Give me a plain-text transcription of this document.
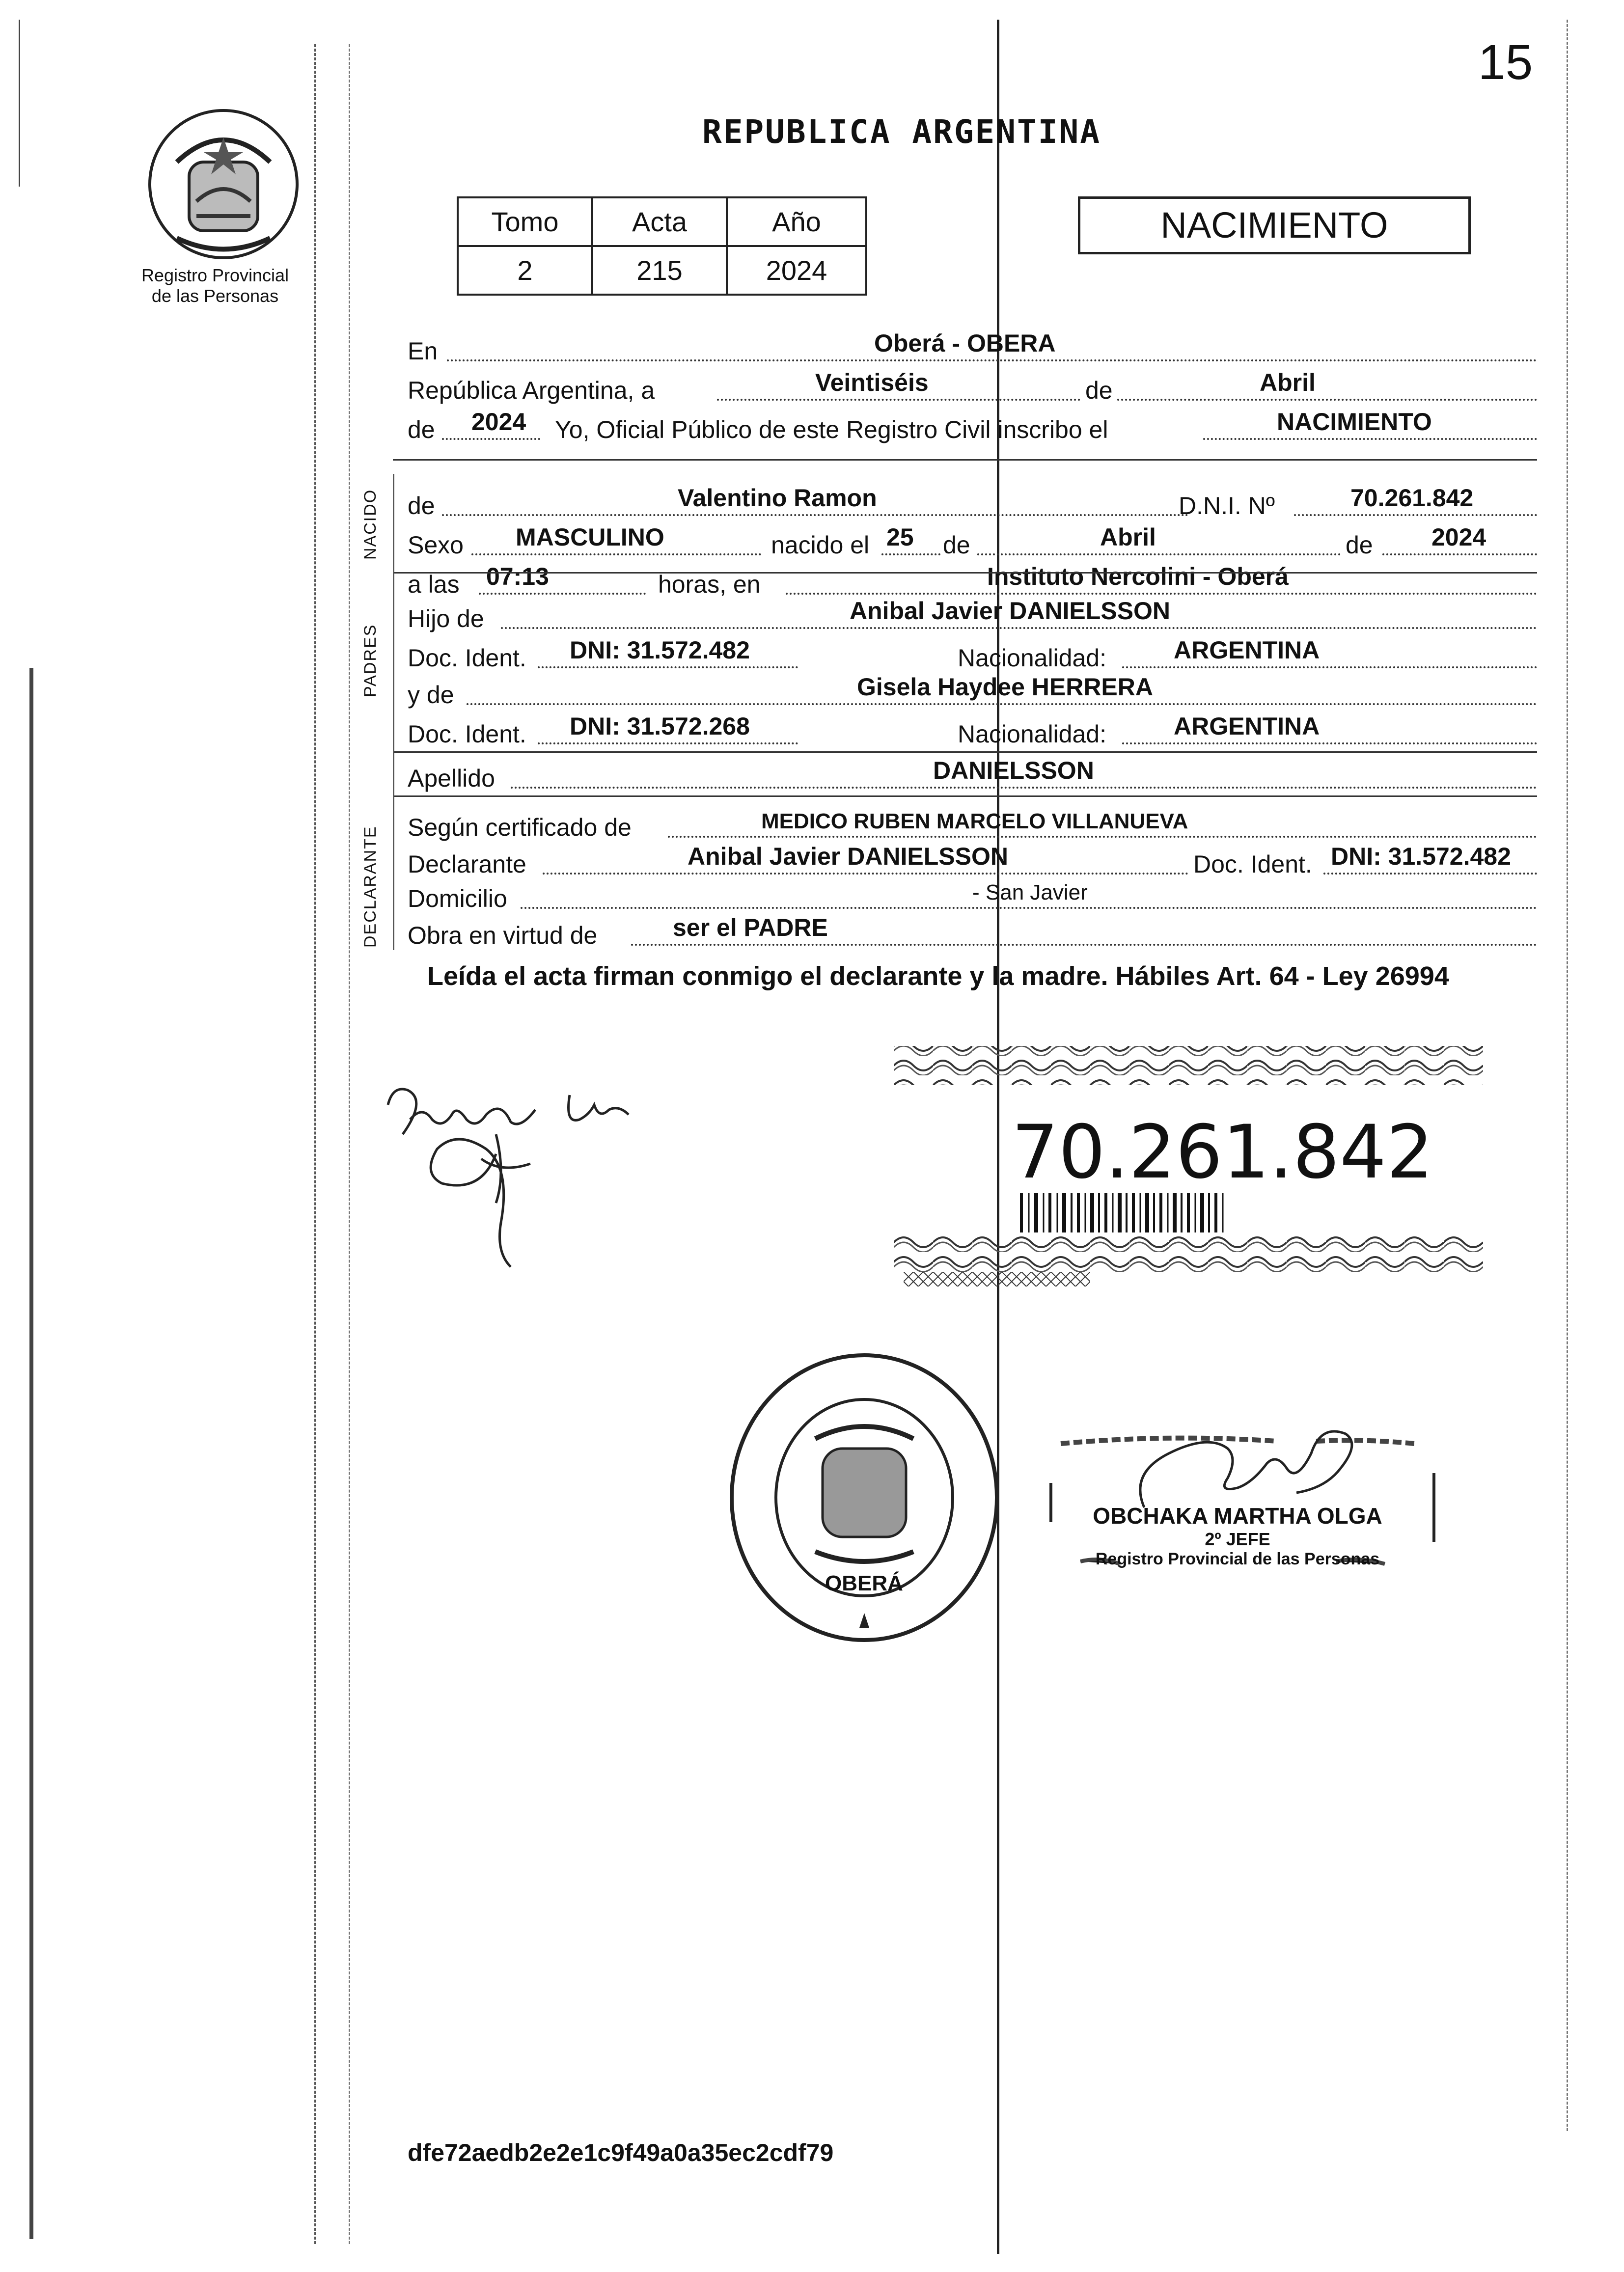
15
Registro Provincial
de las Personas
REPUBLICA ARGENTINA
Tomo	Acta	Año
2	215	2024
NACIMIENTO
En	Oberá - OBERA
República Argentina, a	Veintiséis	de	Abril
de 2024 Yo, Oficial Público de este Registro Civil inscribo el	NACIMIENTO
de	Valentino Ramon	D.N.I. Nº	70.261.842
Sexo MASCULINO	nacido el 25 de	Abril	de 2024
a las 07:13	horas, en	Instituto Nercolini - Oberá
Hijo de	Anibal Javier DANIELSSON
Doc. Ident. DNI: 31.572.482	Nacionalidad:	ARGENTINA
y de	Gisela Haydee HERRERA
Doc. Ident. DNI: 31.572.268	Nacionalidad:	ARGENTINA
Apellido	DANIELSSON
Según certificado de	MEDICO RUBEN MARCELO VILLANUEVA
Declarante	Anibal Javier DANIELSSON	Doc. Ident. DNI: 31.572.482
Domicilio	- San Javier
Obra en virtud de	ser el PADRE
NACIDO
PADRES
DECLARANTE
Leída el acta firman conmigo el declarante y la madre. Hábiles Art. 64 - Ley 26994
70.261.842
OBERÁ
OBCHAKA MARTHA OLGA
2º JEFE
Registro Provincial de las Personas
dfe72aedb2e2e1c9f49a0a35ec2cdf79
